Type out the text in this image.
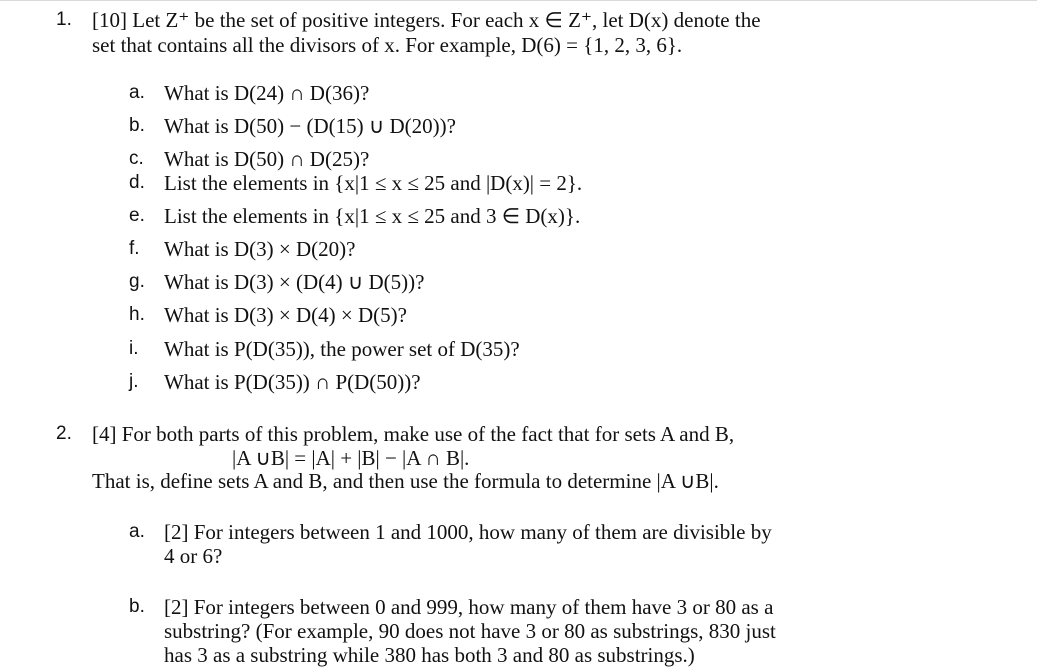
1. [10] Let Z⁺ be the set of positive integers. For each x ∈ Z⁺, let D(x) denote the
set that contains all the divisors of x. For example, D(6) = {1, 2, 3, 6}.
a. What is D(24) ∩ D(36)?
b. What is D(50) − (D(15) ∪ D(20))?
c. What is D(50) ∩ D(25)?
d. List the elements in {x|1 ≤ x ≤ 25 and |D(x)| = 2}.
e. List the elements in {x|1 ≤ x ≤ 25 and 3 ∈ D(x)}.
f. What is D(3) × D(20)?
g. What is D(3) × (D(4) ∪ D(5))?
h. What is D(3) × D(4) × D(5)?
i. What is P(D(35)), the power set of D(35)?
j. What is P(D(35)) ∩ P(D(50))?
2. [4] For both parts of this problem, make use of the fact that for sets A and B,
|A ∪B| = |A| + |B| − |A ∩ B|.
That is, define sets A and B, and then use the formula to determine |A ∪B|.
a. [2] For integers between 1 and 1000, how many of them are divisible by
4 or 6?
b. [2] For integers between 0 and 999, how many of them have 3 or 80 as a
substring? (For example, 90 does not have 3 or 80 as substrings, 830 just
has 3 as a substring while 380 has both 3 and 80 as substrings.)
